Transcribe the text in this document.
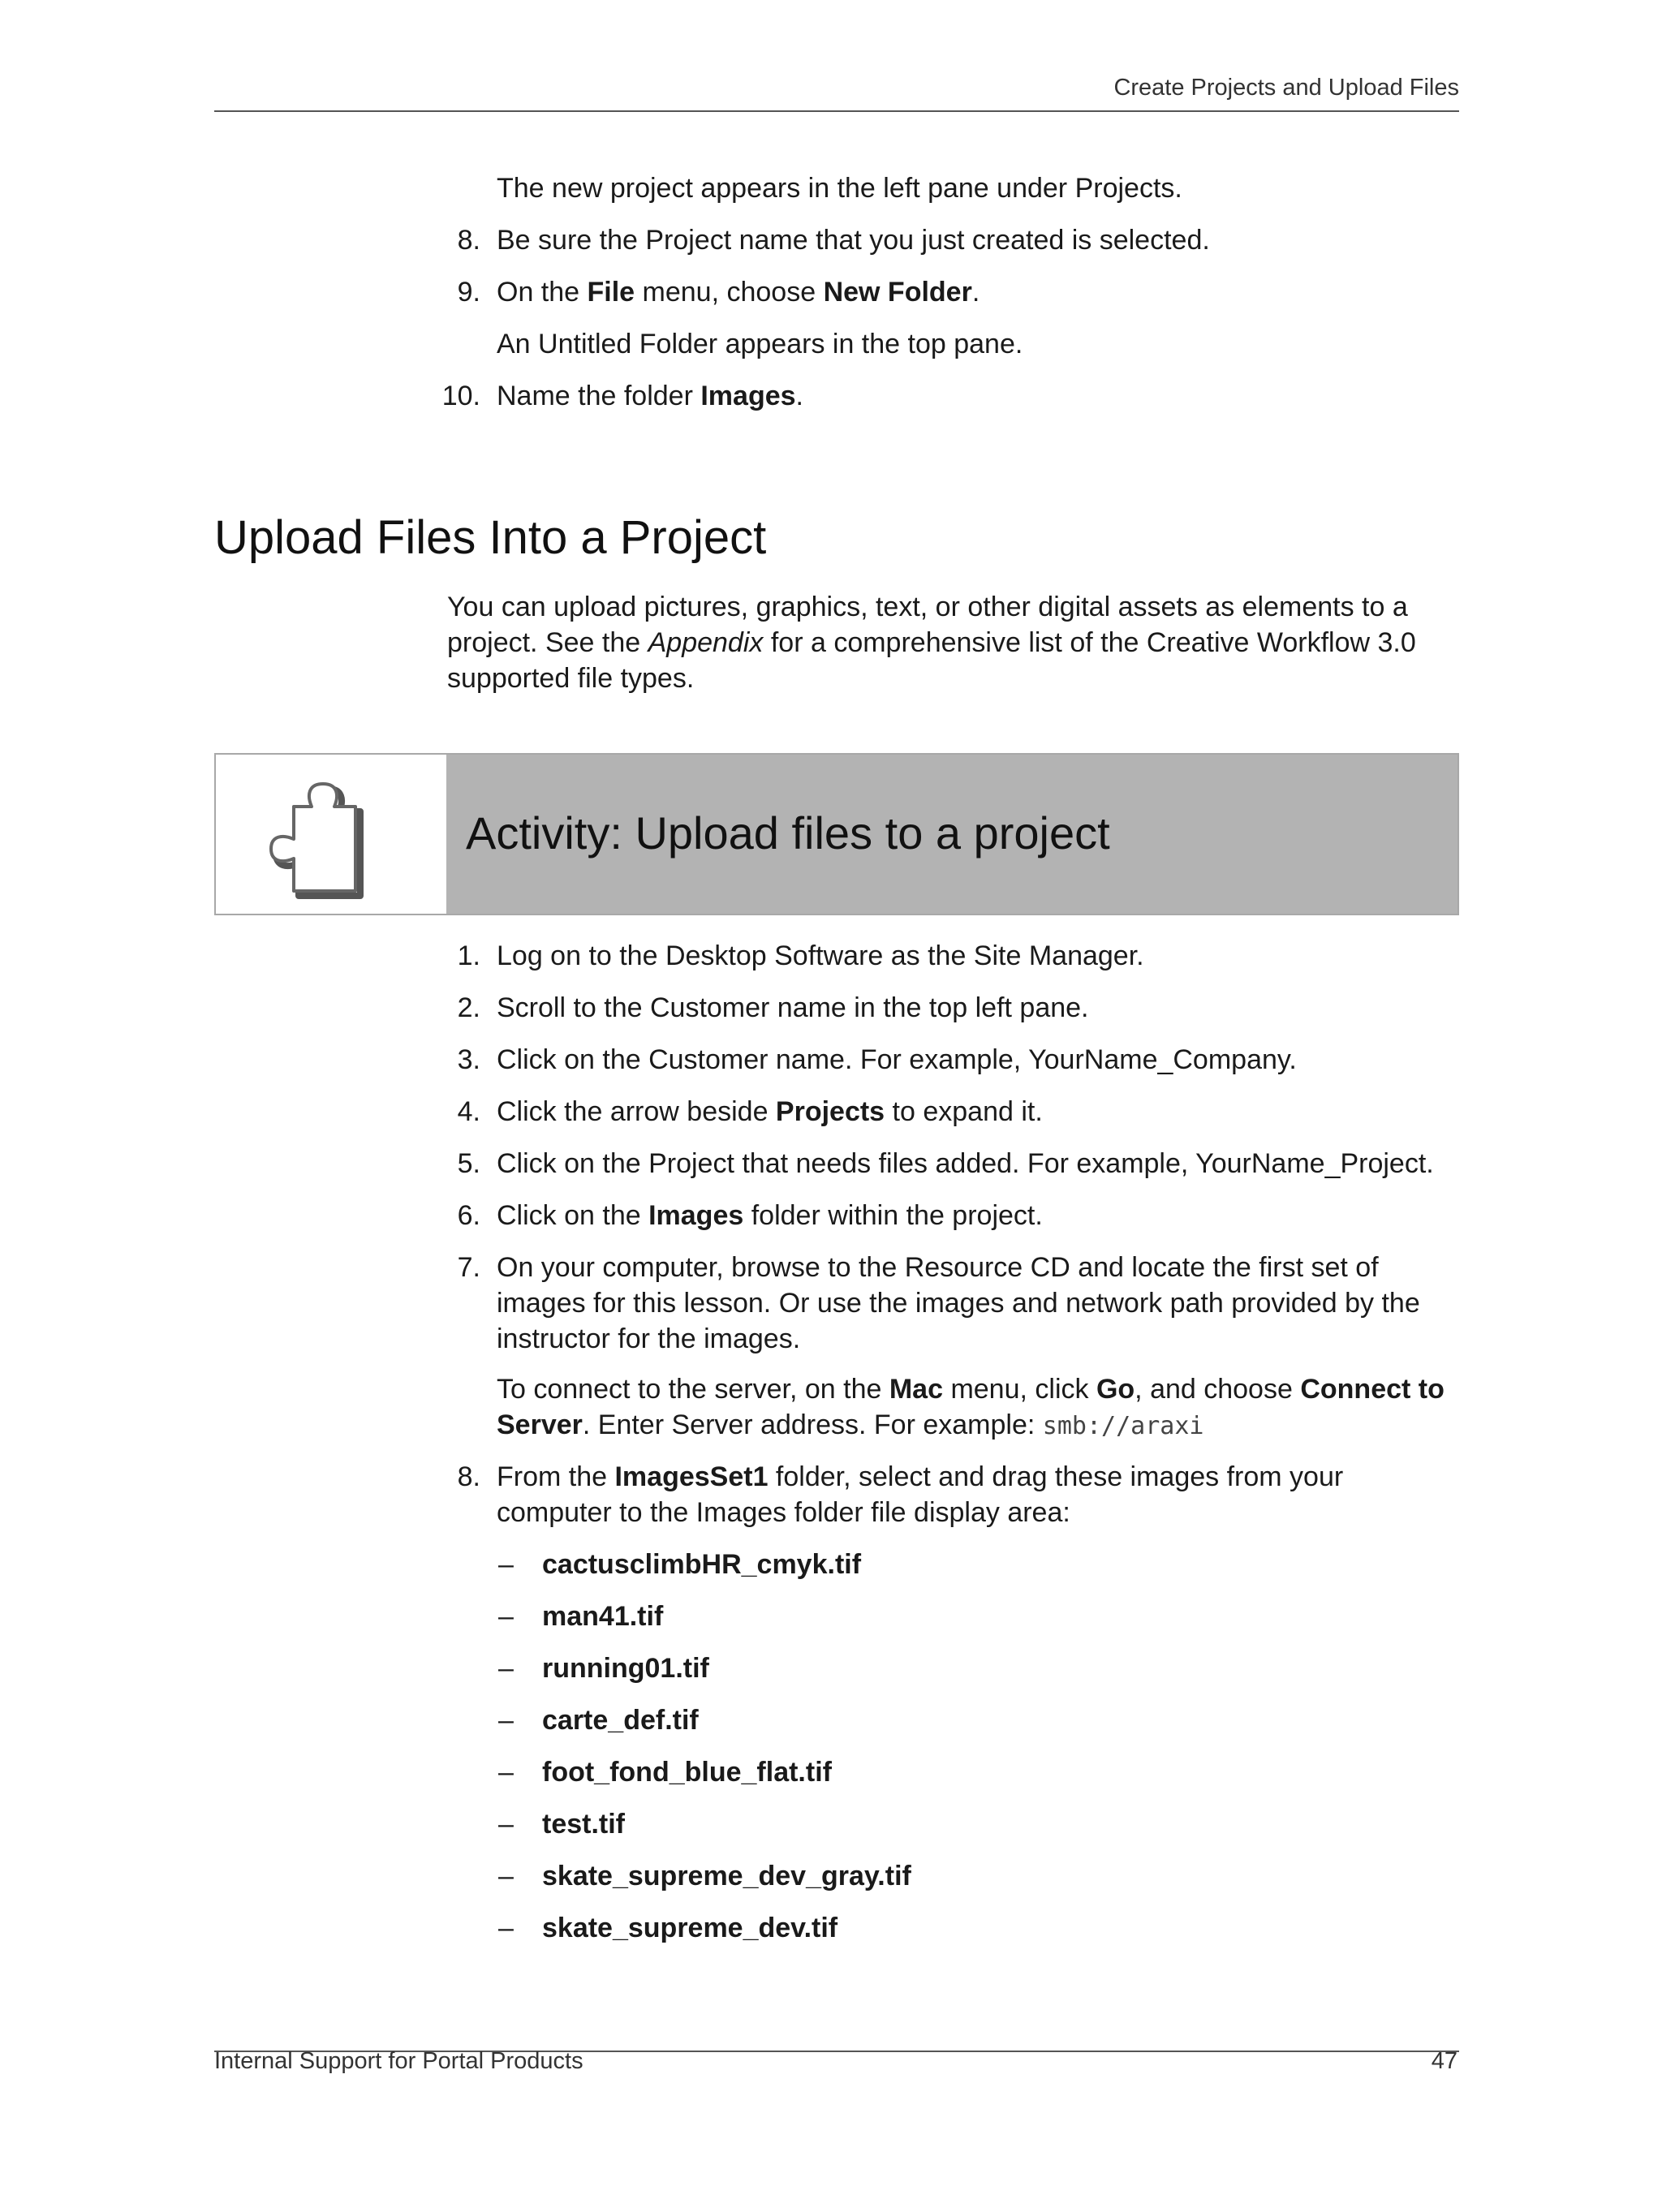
Create Projects and Upload Files
The new project appears in the left pane under Projects.
8. Be sure the Project name that you just created is selected.
9. On the File menu, choose New Folder.
An Untitled Folder appears in the top pane.
10. Name the folder Images.
Upload Files Into a Project
You can upload pictures, graphics, text, or other digital assets as elements to a
project. See the Appendix for a comprehensive list of the Creative Workflow 3.0
supported file types.
Activity: Upload files to a project
1. Log on to the Desktop Software as the Site Manager.
2. Scroll to the Customer name in the top left pane.
3. Click on the Customer name. For example, YourName_Company.
4. Click the arrow beside Projects to expand it.
5. Click on the Project that needs files added. For example, YourName_Project.
6. Click on the Images folder within the project.
7. On your computer, browse to the Resource CD and locate the first set of
images for this lesson. Or use the images and network path provided by the
instructor for the images.
To connect to the server, on the Mac menu, click Go, and choose Connect to
Server. Enter Server address. For example: smb://araxi
8. From the ImagesSet1 folder, select and drag these images from your
computer to the Images folder file display area:
– cactusclimbHR_cmyk.tif
– man41.tif
– running01.tif
– carte_def.tif
– foot_fond_blue_flat.tif
– test.tif
– skate_supreme_dev_gray.tif
– skate_supreme_dev.tif
Internal Support for Portal Products	47
